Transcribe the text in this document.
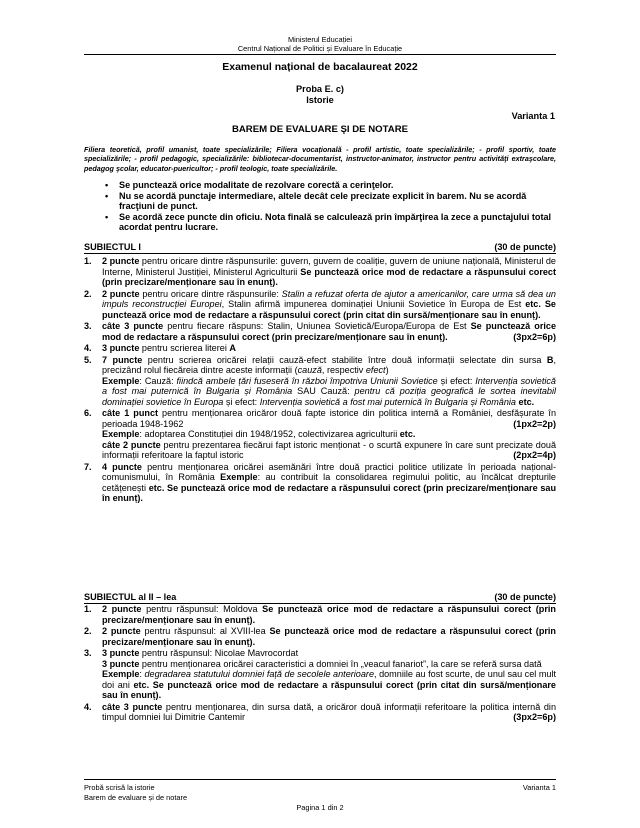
Ministerul Educației
Centrul Național de Politici și Evaluare în Educație
Examenul național de bacalaureat 2022
Proba E. c)
Istorie
Varianta 1
BAREM DE EVALUARE ŞI DE NOTARE
Filiera teoretică, profil umanist, toate specializările; Filiera vocațională - profil artistic, toate specializările; - profil sportiv, toate specializările; - profil pedagogic, specializările: bibliotecar-documentarist, instructor-animator, instructor pentru activităţi extraşcolare, pedagog şcolar, educator-puericultor; - profil teologic, toate specializările.
• Se punctează orice modalitate de rezolvare corectă a cerinţelor.
• Nu se acordă punctaje intermediare, altele decât cele precizate explicit în barem. Nu se acordă fracţiuni de punct.
• Se acordă zece puncte din oficiu. Nota finală se calculează prin împărţirea la zece a punctajului total acordat pentru lucrare.
SUBIECTUL I	(30 de puncte)
1. 2 puncte pentru oricare dintre răspunsurile: guvern, guvern de coaliție, guvern de uniune națională, Ministerul de Interne, Ministerul Justiției, Ministerul Agriculturii Se punctează orice mod de redactare a răspunsului corect (prin precizare/menționare sau în enunț).
2. 2 puncte pentru oricare dintre răspunsurile: Stalin a refuzat oferta de ajutor a americanilor, care urma să dea un impuls reconstrucției Europei, Stalin afirmă impunerea dominației Uniunii Sovietice în Europa de Est etc. Se punctează orice mod de redactare a răspunsului corect (prin citat din sursă/menționare sau în enunț).
3. câte 3 puncte pentru fiecare răspuns: Stalin, Uniunea Sovietică/Europa/Europa de Est Se punctează orice mod de redactare a răspunsului corect (prin precizare/menționare sau în enunț).	(3px2=6p)
4. 3 puncte pentru scrierea literei A
5. 7 puncte pentru scrierea oricărei relații cauză-efect stabilite între două informații selectate din sursa B, precizând rolul fiecăreia dintre aceste informații (cauză, respectiv efect)
Exemple: Cauză: fiindcă ambele țări fuseseră în război împotriva Uniunii Sovietice și efect: Intervenția sovietică a fost mai puternică în Bulgaria și România SAU Cauză: pentru că poziția geografică le sortea inevitabil dominației sovietice în Europa și efect: Intervenția sovietică a fost mai puternică în Bulgaria și România etc.
6. câte 1 punct pentru menționarea oricăror două fapte istorice din politica internă a României, desfășurate în perioada 1948-1962	(1px2=2p)

Exemple: adoptarea Constituției din 1948/1952, colectivizarea agriculturii etc.
câte 2 puncte pentru prezentarea fiecărui fapt istoric menționat - o scurtă expunere în care sunt precizate două informații referitoare la faptul istoric	(2px2=4p)
7. 4 puncte pentru menționarea oricărei asemănări între două practici politice utilizate în perioada național-comunismului, în România Exemple: au contribuit la consolidarea regimului politic, au încălcat drepturile cetățenești etc. Se punctează orice mod de redactare a răspunsului corect (prin precizare/menționare sau în enunț).
SUBIECTUL al II – lea	(30 de puncte)
1. 2 puncte pentru răspunsul: Moldova Se punctează orice mod de redactare a răspunsului corect (prin precizare/menționare sau în enunț).
2. 2 puncte pentru răspunsul: al XVIII-lea Se punctează orice mod de redactare a răspunsului corect (prin precizare/menționare sau în enunț).
3. 3 puncte pentru răspunsul: Nicolae Mavrocordat
3 puncte pentru menționarea oricărei caracteristici a domniei în „veacul fanariot”, la care se referă sursa dată
Exemple: degradarea statutului domniei față de secolele anterioare, domniile au fost scurte, de unul sau cel mult doi ani etc. Se punctează orice mod de redactare a răspunsului corect (prin citat din sursă/menționare sau în enunț).
4. câte 3 puncte pentru menționarea, din sursa dată, a oricăror două informații referitoare la politica internă din timpul domniei lui Dimitrie Cantemir	(3px2=6p)
Probă scrisă la istorie
Barem de evaluare și de notare
Varianta 1
Pagina 1 din 2
